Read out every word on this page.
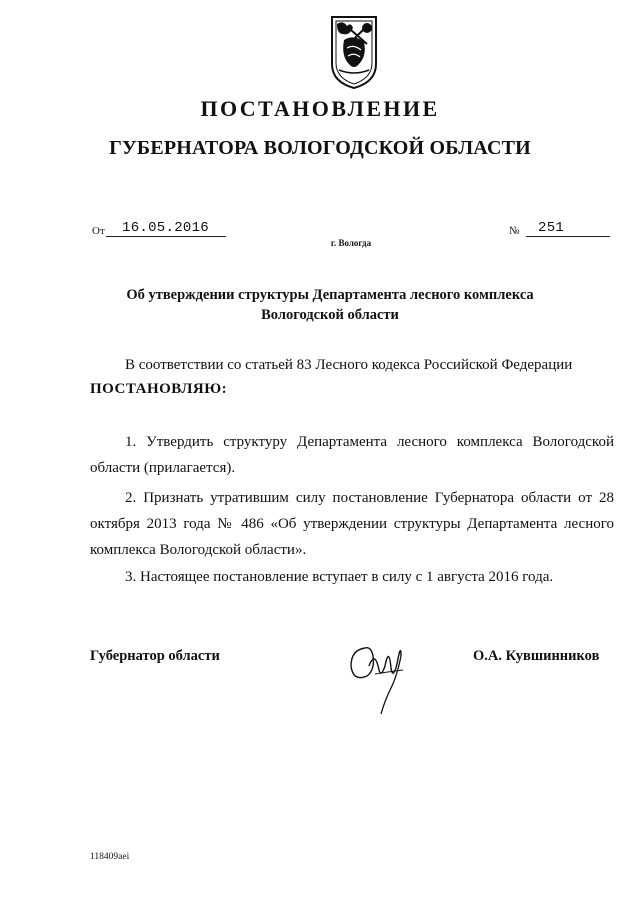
ПОСТАНОВЛЕНИЕ
ГУБЕРНАТОРА ВОЛОГОДСКОЙ ОБЛАСТИ
От 16.05.2016	№ 251
г. Вологда
Об утверждении структуры Департамента лесного комплекса
Вологодской области
В соответствии со статьей 83 Лесного кодекса Российской Федерации
ПОСТАНОВЛЯЮ:
1. Утвердить структуру Департамента лесного комплекса Вологодской области (прилагается).
2. Признать утратившим силу постановление Губернатора области от 28 октября 2013 года № 486 «Об утверждении структуры Департамента лесного комплекса Вологодской области».
3. Настоящее постановление вступает в силу с 1 августа 2016 года.
Губернатор области	О.А. Кувшинников
118409aei
